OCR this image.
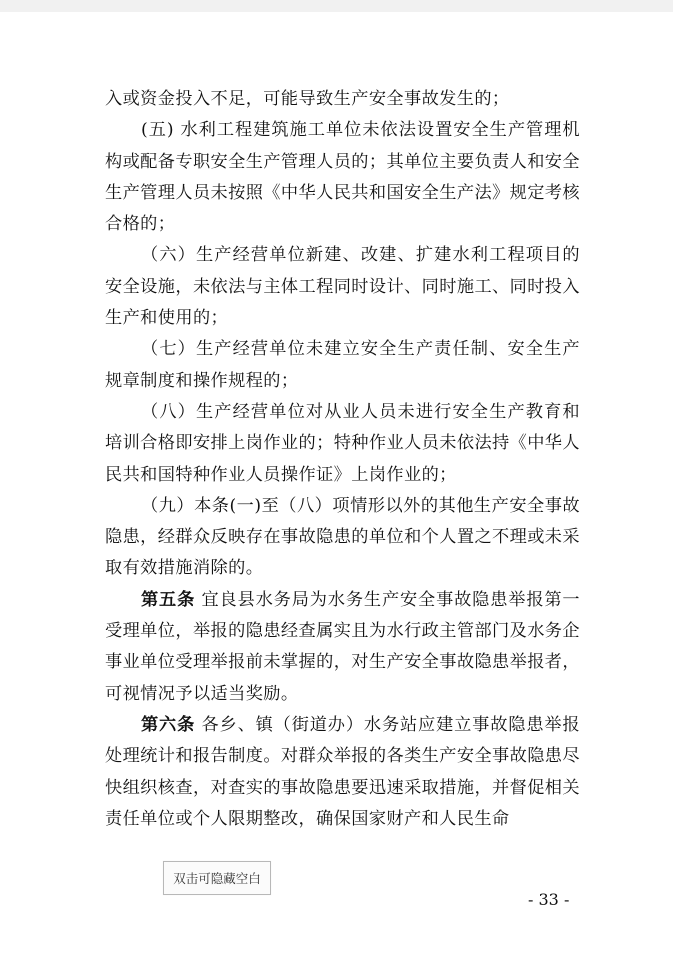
入或资金投入不足，可能导致生产安全事故发生的；

(五) 水利工程建筑施工单位未依法设置安全生产管理机构或配备专职安全生产管理人员的；其单位主要负责人和安全生产管理人员未按照《中华人民共和国安全生产法》规定考核合格的；

（六）生产经营单位新建、改建、扩建水利工程项目的安全设施，未依法与主体工程同时设计、同时施工、同时投入生产和使用的；

（七）生产经营单位未建立安全生产责任制、安全生产规章制度和操作规程的；

（八）生产经营单位对从业人员未进行安全生产教育和培训合格即安排上岗作业的；特种作业人员未依法持《中华人民共和国特种作业人员操作证》上岗作业的；

（九）本条(一)至（八）项情形以外的其他生产安全事故隐患，经群众反映存在事故隐患的单位和个人置之不理或未采取有效措施消除的。

第五条 宜良县水务局为水务生产安全事故隐患举报第一受理单位，举报的隐患经查属实且为水行政主管部门及水务企事业单位受理举报前未掌握的，对生产安全事故隐患举报者，可视情况予以适当奖励。

第六条 各乡、镇（街道办）水务站应建立事故隐患举报处理统计和报告制度。对群众举报的各类生产安全事故隐患尽快组织核查，对查实的事故隐患要迅速采取措施，并督促相关责任单位或个人限期整改，确保国家财产和人民生命

双击可隐藏空白
- 33 -
